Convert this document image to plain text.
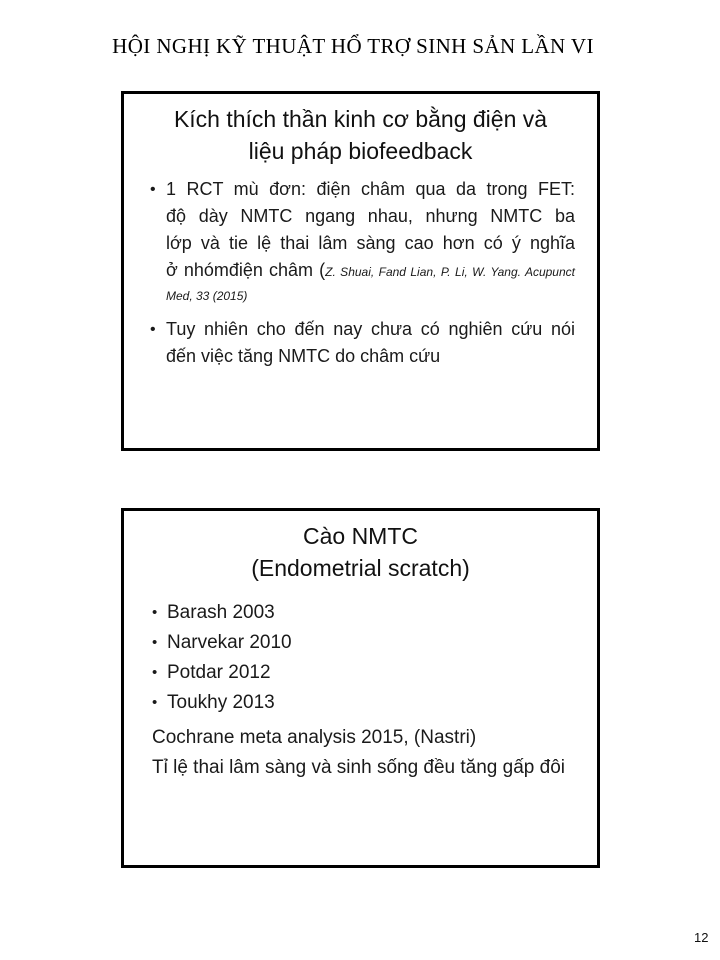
HỘI NGHỊ KỸ THUẬT HỔ TRỢ SINH SẢN LẦN VI
Kích thích thần kinh cơ bằng điện và
liệu pháp biofeedback
• 1 RCT mù đơn: điện châm qua da trong FET:
độ dày NMTC ngang nhau, nhưng NMTC ba
lớp và tie lệ thai lâm sàng cao hơn có ý nghĩa
ở nhómđiện châm (Z. Shuai, Fand Lian, P. Li, W. Yang. Acupunct
Med, 33 (2015)
• Tuy nhiên cho đến nay chưa có nghiên cứu nói
đến việc tăng NMTC do châm cứu
Cào NMTC
(Endometrial scratch)
• Barash 2003
• Narvekar 2010
• Potdar 2012
• Toukhy 2013
Cochrane meta analysis 2015, (Nastri)
Tỉ lệ thai lâm sàng và sinh sống đều tăng gấp đôi
12
